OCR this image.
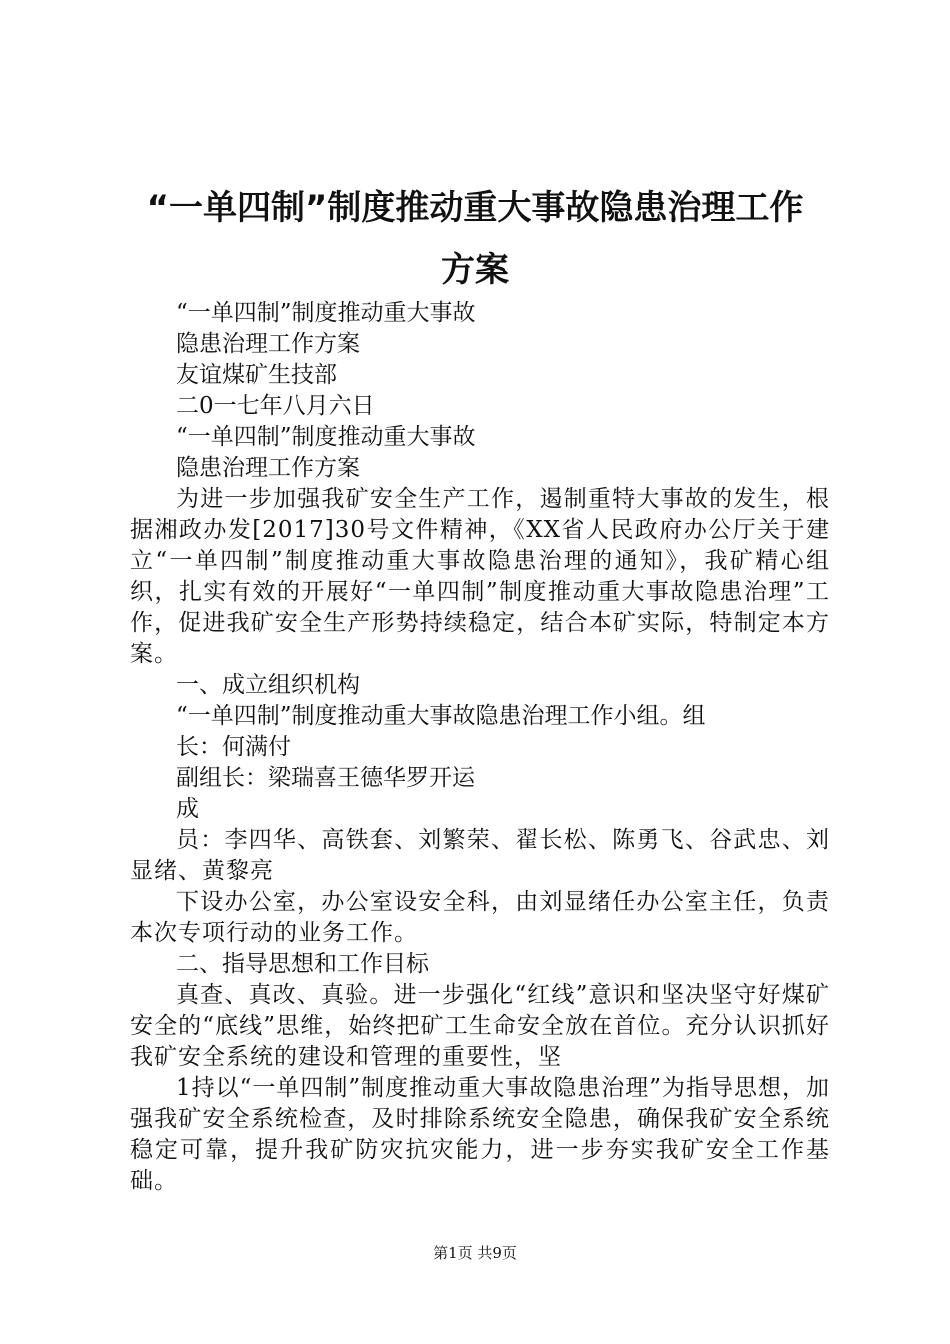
“一单四制”制度推动重大事故隐患治理工作
方案

“一单四制”制度推动重大事故

隐患治理工作方案

友谊煤矿生技部

二0一七年八月六日

“一单四制”制度推动重大事故

隐患治理工作方案

为进一步加强我矿安全生产工作，遏制重特大事故的发生，根据湘政办发[2017]30号文件精神，《XX省人民政府办公厅关于建立“一单四制”制度推动重大事故隐患治理的通知》，我矿精心组织，扎实有效的开展好“一单四制”制度推动重大事故隐患治理”工作，促进我矿安全生产形势持续稳定，结合本矿实际，特制定本方案。

一、成立组织机构

“一单四制”制度推动重大事故隐患治理工作小组。组

长：何满付

副组长：梁瑞喜王德华罗开运

成

员：李四华、高铁套、刘繁荣、翟长松、陈勇飞、谷武忠、刘显绪、黄黎亮

下设办公室，办公室设安全科，由刘显绪任办公室主任，负责本次专项行动的业务工作。

二、指导思想和工作目标

真查、真改、真验。进一步强化“红线”意识和坚决坚守好煤矿安全的“底线”思维，始终把矿工生命安全放在首位。充分认识抓好我矿安全系统的建设和管理的重要性，坚

1持以“一单四制”制度推动重大事故隐患治理”为指导思想，加强我矿安全系统检查，及时排除系统安全隐患，确保我矿安全系统稳定可靠，提升我矿防灾抗灾能力，进一步夯实我矿安全工作基础。

第1页 共9页
